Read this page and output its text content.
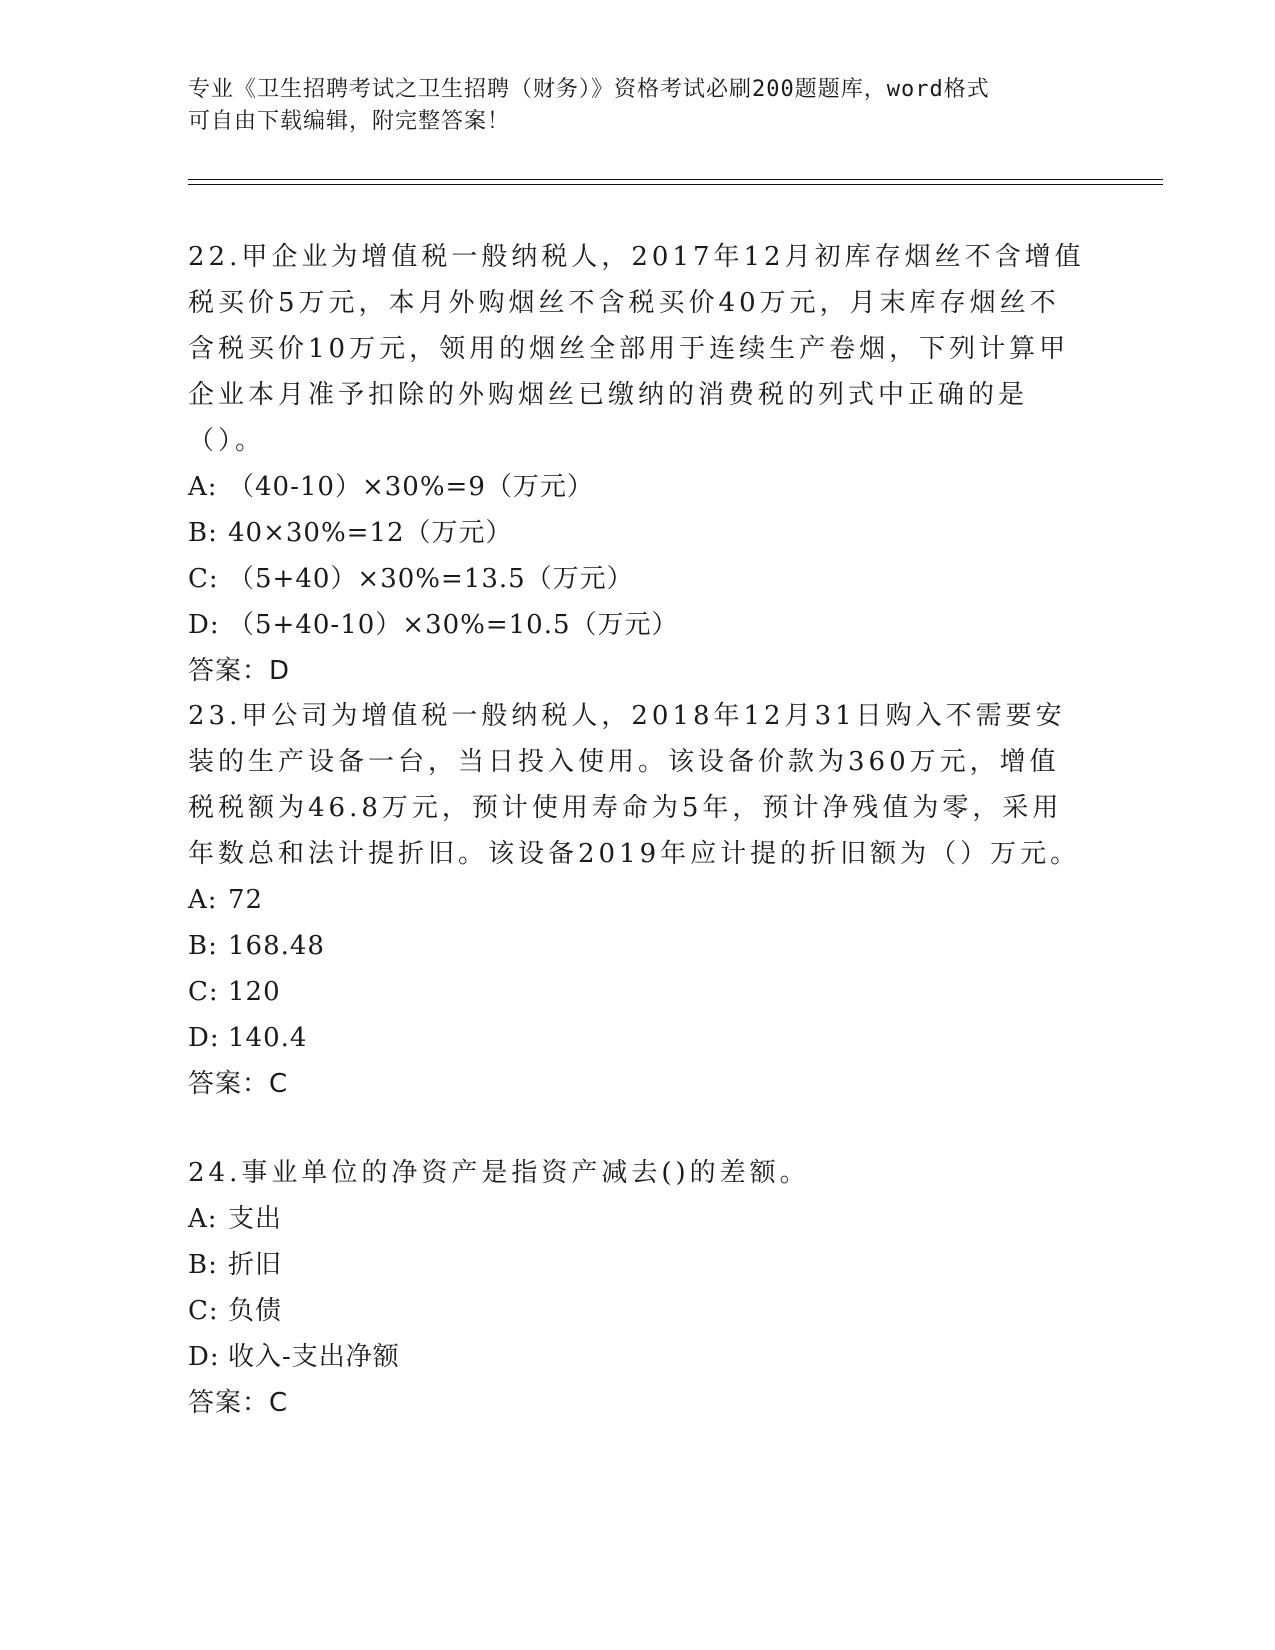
专业《卫生招聘考试之卫生招聘（财务）》资格考试必刷200题题库，word格式
可自由下载编辑，附完整答案！

22.甲企业为增值税一般纳税人，2017年12月初库存烟丝不含增值税买价5万元，本月外购烟丝不含税买价40万元，月末库存烟丝不含税买价10万元，领用的烟丝全部用于连续生产卷烟，下列计算甲企业本月准予扣除的外购烟丝已缴纳的消费税的列式中正确的是（）。

A: （40-10）×30%=9（万元）
B: 40×30%=12（万元）
C: （5+40）×30%=13.5（万元）
D: （5+40-10）×30%=10.5（万元）
答案：D

23.甲公司为增值税一般纳税人，2018年12月31日购入不需要安装的生产设备一台，当日投入使用。该设备价款为360万元，增值税税额为46.8万元，预计使用寿命为5年，预计净残值为零，采用年数总和法计提折旧。该设备2019年应计提的折旧额为（）万元。

A: 72
B: 168.48
C: 120
D: 140.4
答案：C

24.事业单位的净资产是指资产减去()的差额。

A: 支出
B: 折旧
C: 负债
D: 收入-支出净额
答案：C
